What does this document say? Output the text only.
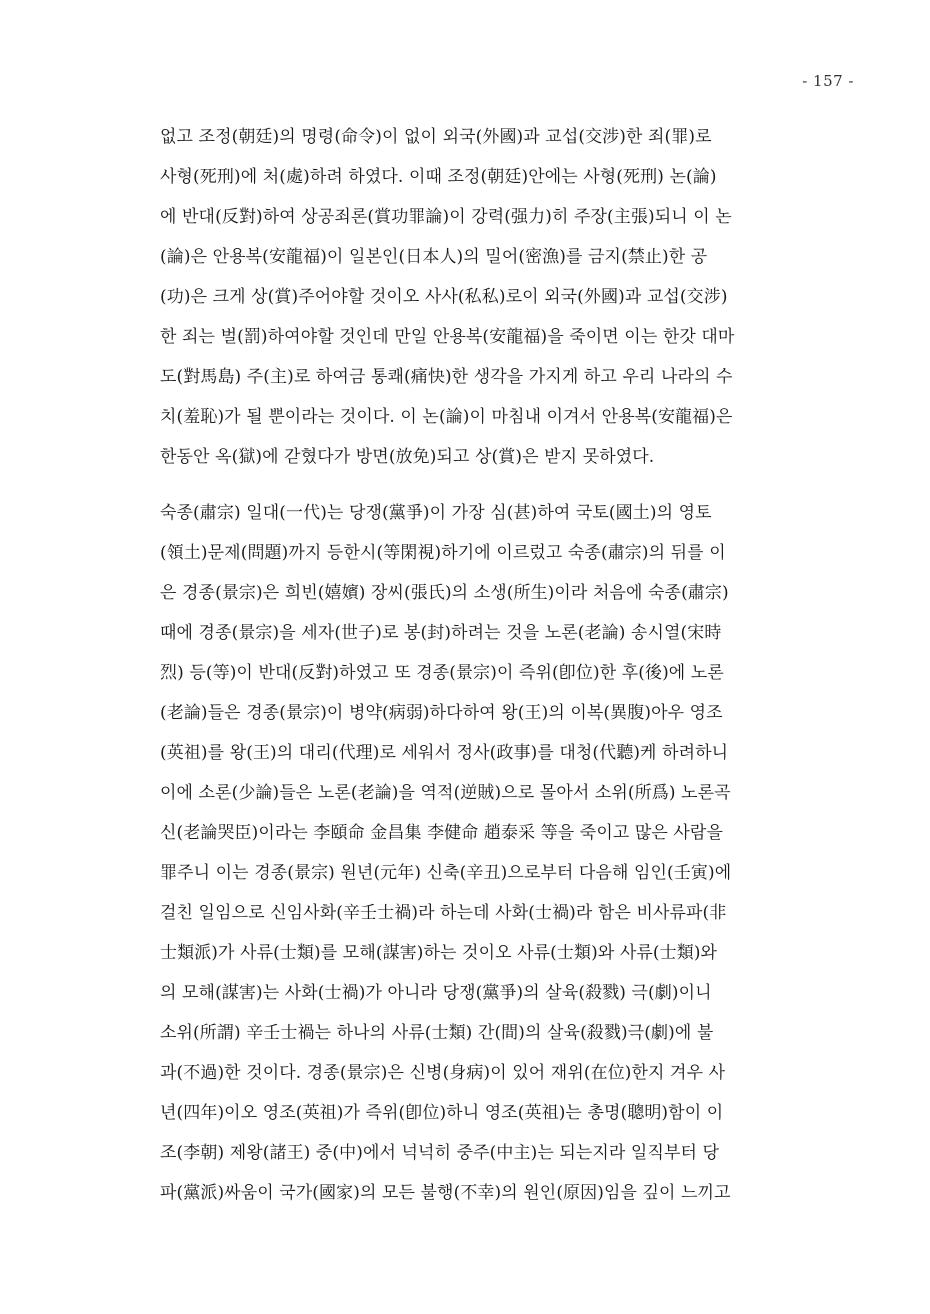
- 157 -
없고 조정(朝廷)의 명령(命令)이 없이 외국(外國)과 교섭(交涉)한 죄(罪)로
사형(死刑)에 처(處)하려 하였다. 이때 조정(朝廷)안에는 사형(死刑) 논(論)
에 반대(反對)하여 상공죄론(賞功罪論)이 강력(强力)히 주장(主張)되니 이 논
(論)은 안용복(安龍福)이 일본인(日本人)의 밀어(密漁)를 금지(禁止)한 공
(功)은 크게 상(賞)주어야할 것이오 사사(私私)로이 외국(外國)과 교섭(交涉)
한 죄는 벌(罰)하여야할 것인데 만일 안용복(安龍福)을 죽이면 이는 한갓 대마
도(對馬島) 주(主)로 하여금 통쾌(痛快)한 생각을 가지게 하고 우리 나라의 수
치(羞恥)가 될 뿐이라는 것이다. 이 논(論)이 마침내 이겨서 안용복(安龍福)은
한동안 옥(獄)에 갇혔다가 방면(放免)되고 상(賞)은 받지 못하였다.
숙종(肅宗) 일대(一代)는 당쟁(黨爭)이 가장 심(甚)하여 국토(國土)의 영토
(領土)문제(問題)까지 등한시(等閑視)하기에 이르렀고 숙종(肅宗)의 뒤를 이
은 경종(景宗)은 희빈(嬉嬪) 장씨(張氏)의 소생(所生)이라 처음에 숙종(肅宗)
때에 경종(景宗)을 세자(世子)로 봉(封)하려는 것을 노론(老論) 송시열(宋時
烈) 등(等)이 반대(反對)하였고 또 경종(景宗)이 즉위(卽位)한 후(後)에 노론
(老論)들은 경종(景宗)이 병약(病弱)하다하여 왕(王)의 이복(異腹)아우 영조
(英祖)를 왕(王)의 대리(代理)로 세워서 정사(政事)를 대청(代聽)케 하려하니
이에 소론(少論)들은 노론(老論)을 역적(逆賊)으로 몰아서 소위(所爲) 노론곡
신(老論哭臣)이라는 李頤命 金昌集 李健命 趙泰采 等을 죽이고 많은 사람을
罪주니 이는 경종(景宗) 원년(元年) 신축(辛丑)으로부터 다음해 임인(壬寅)에
걸친 일임으로 신임사화(辛壬士禍)라 하는데 사화(士禍)라 함은 비사류파(非
士類派)가 사류(士類)를 모해(謀害)하는 것이오 사류(士類)와 사류(士類)와
의 모해(謀害)는 사화(士禍)가 아니라 당쟁(黨爭)의 살육(殺戮) 극(劇)이니
소위(所謂) 辛壬士禍는 하나의 사류(士類) 간(間)의 살육(殺戮)극(劇)에 불
과(不過)한 것이다. 경종(景宗)은 신병(身病)이 있어 재위(在位)한지 겨우 사
년(四年)이오 영조(英祖)가 즉위(卽位)하니 영조(英祖)는 총명(聰明)함이 이
조(李朝) 제왕(諸王) 중(中)에서 넉넉히 중주(中主)는 되는지라 일직부터 당
파(黨派)싸움이 국가(國家)의 모든 불행(不幸)의 원인(原因)임을 깊이 느끼고
